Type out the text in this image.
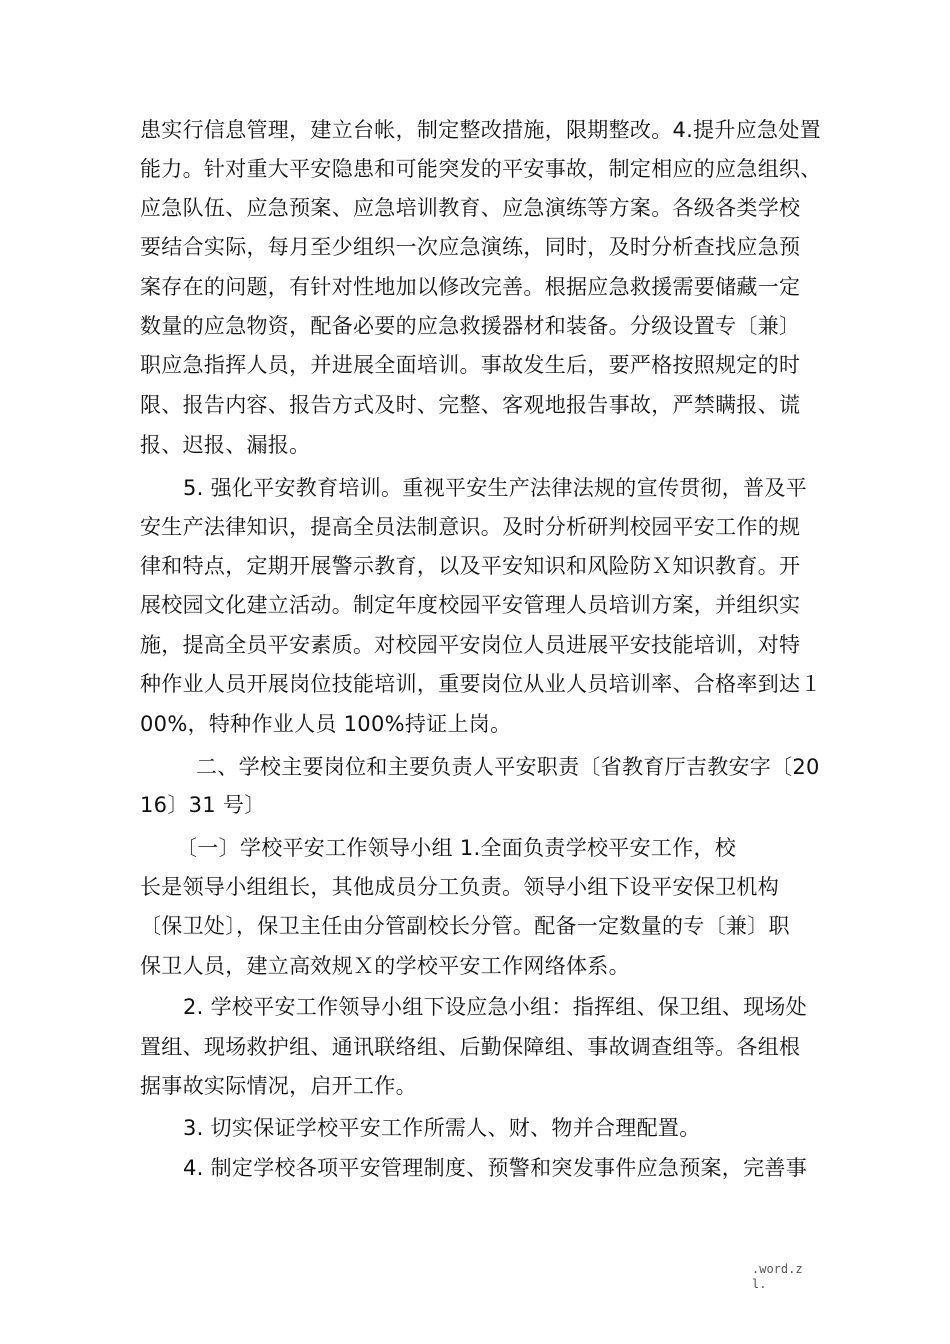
患实行信息管理，建立台帐，制定整改措施，限期整改。4.提升应急处置
能力。针对重大平安隐患和可能突发的平安事故，制定相应的应急组织、
应急队伍、应急预案、应急培训教育、应急演练等方案。各级各类学校
要结合实际，每月至少组织一次应急演练，同时，及时分析查找应急预
案存在的问题，有针对性地加以修改完善。根据应急救援需要储藏一定
数量的应急物资，配备必要的应急救援器材和装备。分级设置专〔兼〕
职应急指挥人员，并进展全面培训。事故发生后，要严格按照规定的时
限、报告内容、报告方式及时、完整、客观地报告事故，严禁瞒报、谎
报、迟报、漏报。
5. 强化平安教育培训。重视平安生产法律法规的宣传贯彻，普及平
安生产法律知识，提高全员法制意识。及时分析研判校园平安工作的规
律和特点，定期开展警示教育，以及平安知识和风险防Ｘ知识教育。开
展校园文化建立活动。制定年度校园平安管理人员培训方案，并组织实
施，提高全员平安素质。对校园平安岗位人员进展平安技能培训，对特
种作业人员开展岗位技能培训，重要岗位从业人员培训率、合格率到达１
00%，特种作业人员 100%持证上岗。
二、学校主要岗位和主要负责人平安职责〔省教育厅吉教安字〔20
16〕31 号〕
〔一〕学校平安工作领导小组 1.全面负责学校平安工作，校
长是领导小组组长，其他成员分工负责。领导小组下设平安保卫机构
〔保卫处〕，保卫主任由分管副校长分管。配备一定数量的专〔兼〕职
保卫人员，建立高效规Ｘ的学校平安工作网络体系。
2. 学校平安工作领导小组下设应急小组：指挥组、保卫组、现场处
置组、现场救护组、通讯联络组、后勤保障组、事故调查组等。各组根
据事故实际情况，启开工作。
3. 切实保证学校平安工作所需人、财、物并合理配置。
4. 制定学校各项平安管理制度、预警和突发事件应急预案，完善事
.word.z
l.
